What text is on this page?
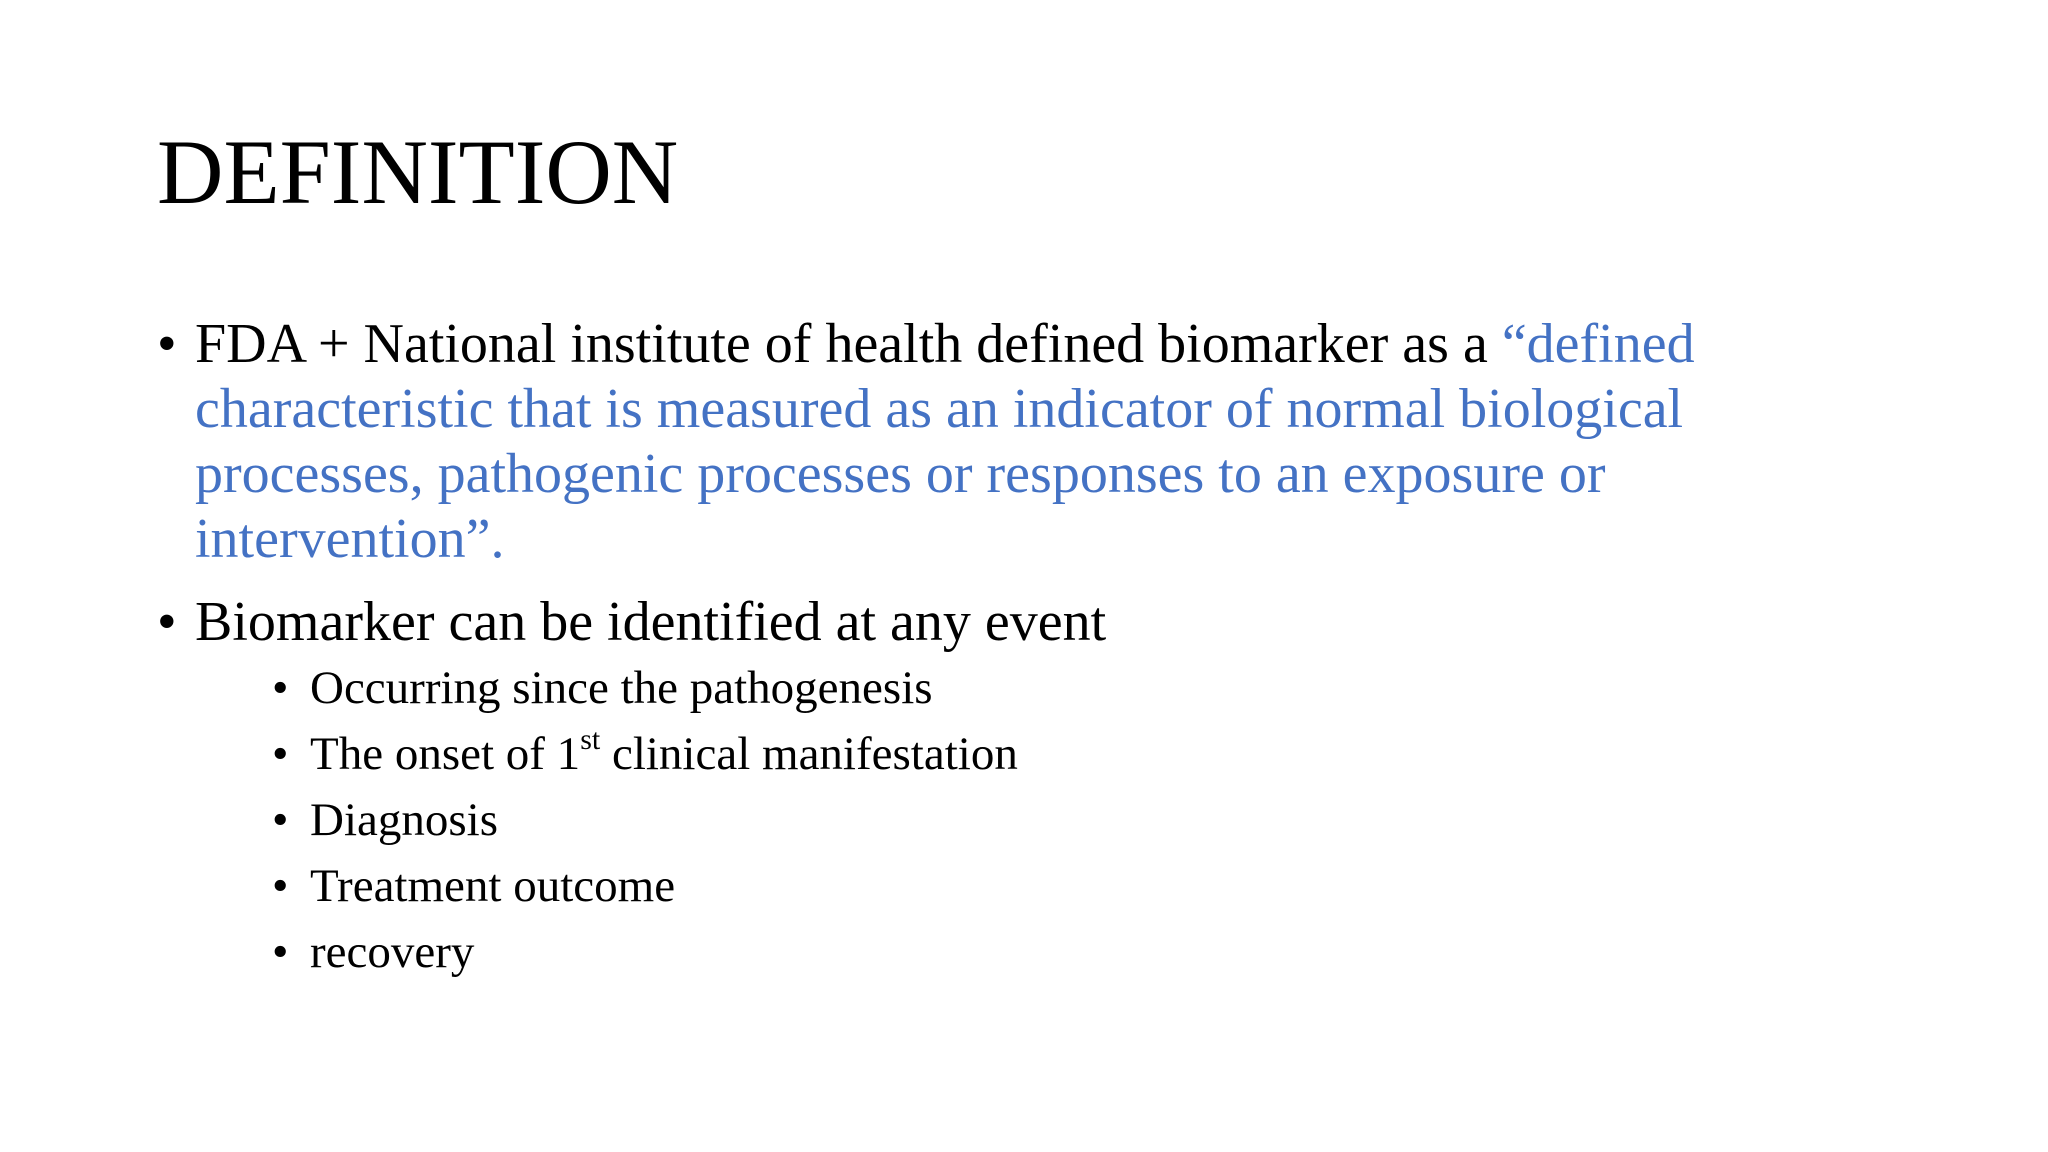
DEFINITION
• FDA + National institute of health defined biomarker as a “defined characteristic that is measured as an indicator of normal biological processes, pathogenic processes or responses to an exposure or intervention”.
• Biomarker can be identified at any event
• Occurring since the pathogenesis
• The onset of 1st clinical manifestation
• Diagnosis
• Treatment outcome
• recovery
